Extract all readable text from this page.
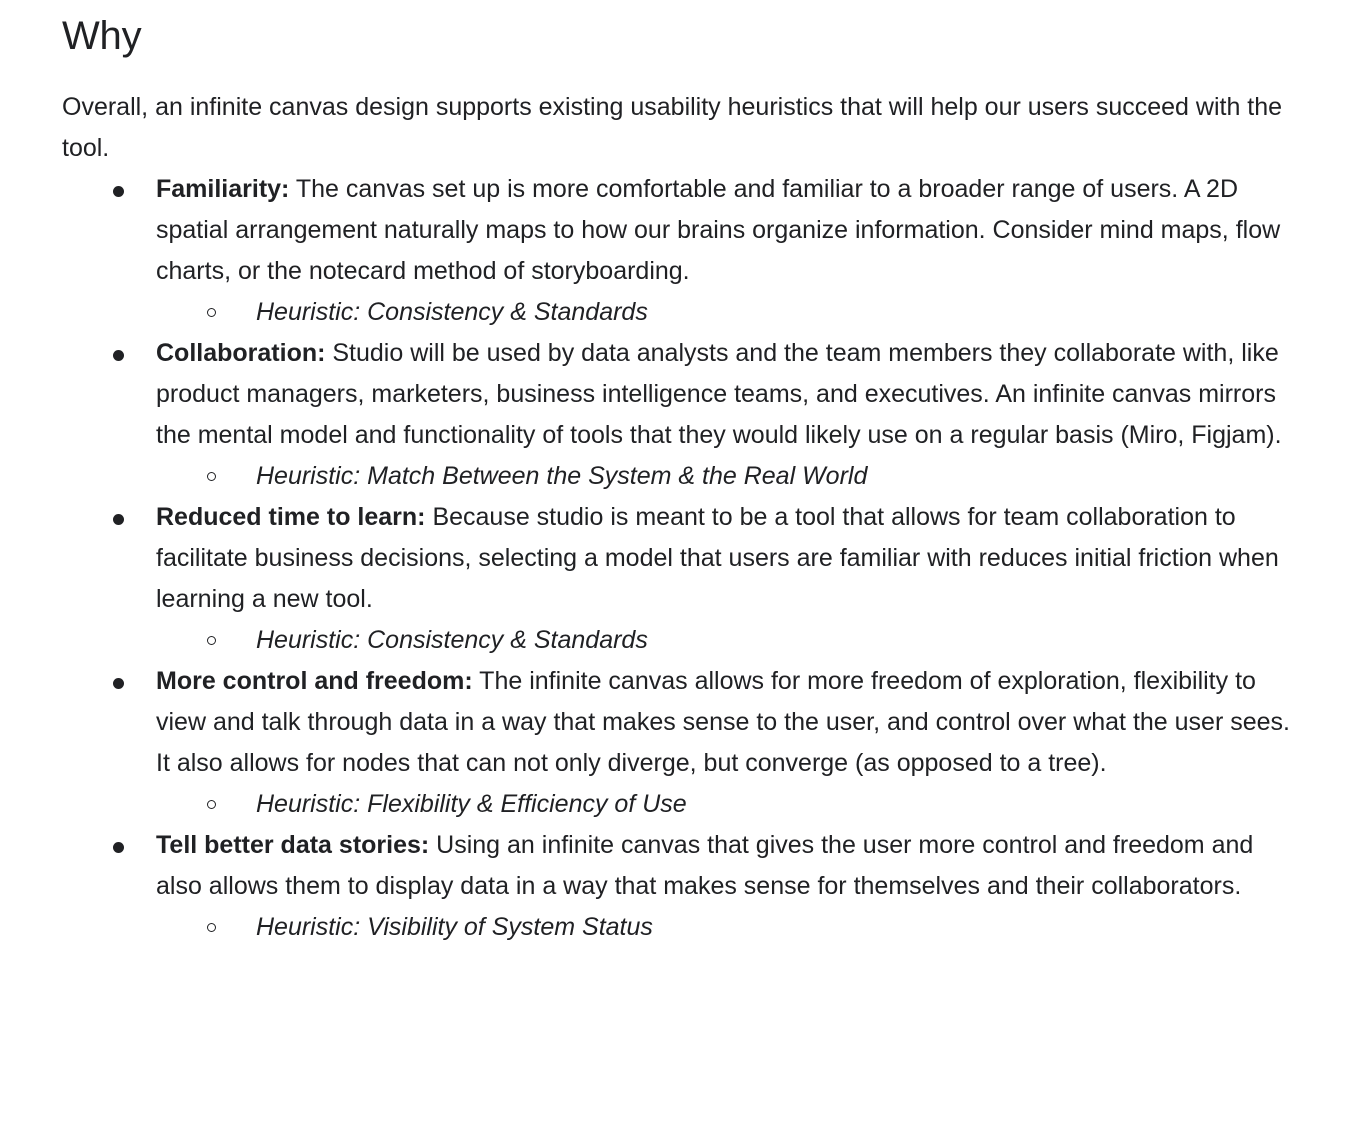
Why

Overall, an infinite canvas design supports existing usability heuristics that will help our users succeed with the tool.

Familiarity: The canvas set up is more comfortable and familiar to a broader range of users. A 2D spatial arrangement naturally maps to how our brains organize information. Consider mind maps, flow charts, or the notecard method of storyboarding.

Heuristic: Consistency & Standards

Collaboration: Studio will be used by data analysts and the team members they collaborate with, like product managers, marketers, business intelligence teams, and executives. An infinite canvas mirrors the mental model and functionality of tools that they would likely use on a regular basis (Miro, Figjam).

Heuristic: Match Between the System & the Real World

Reduced time to learn: Because studio is meant to be a tool that allows for team collaboration to facilitate business decisions, selecting a model that users are familiar with reduces initial friction when learning a new tool.

Heuristic: Consistency & Standards

More control and freedom: The infinite canvas allows for more freedom of exploration, flexibility to view and talk through data in a way that makes sense to the user, and control over what the user sees. It also allows for nodes that can not only diverge, but converge (as opposed to a tree).

Heuristic: Flexibility & Efficiency of Use

Tell better data stories: Using an infinite canvas that gives the user more control and freedom and also allows them to display data in a way that makes sense for themselves and their collaborators.

Heuristic: Visibility of System Status
